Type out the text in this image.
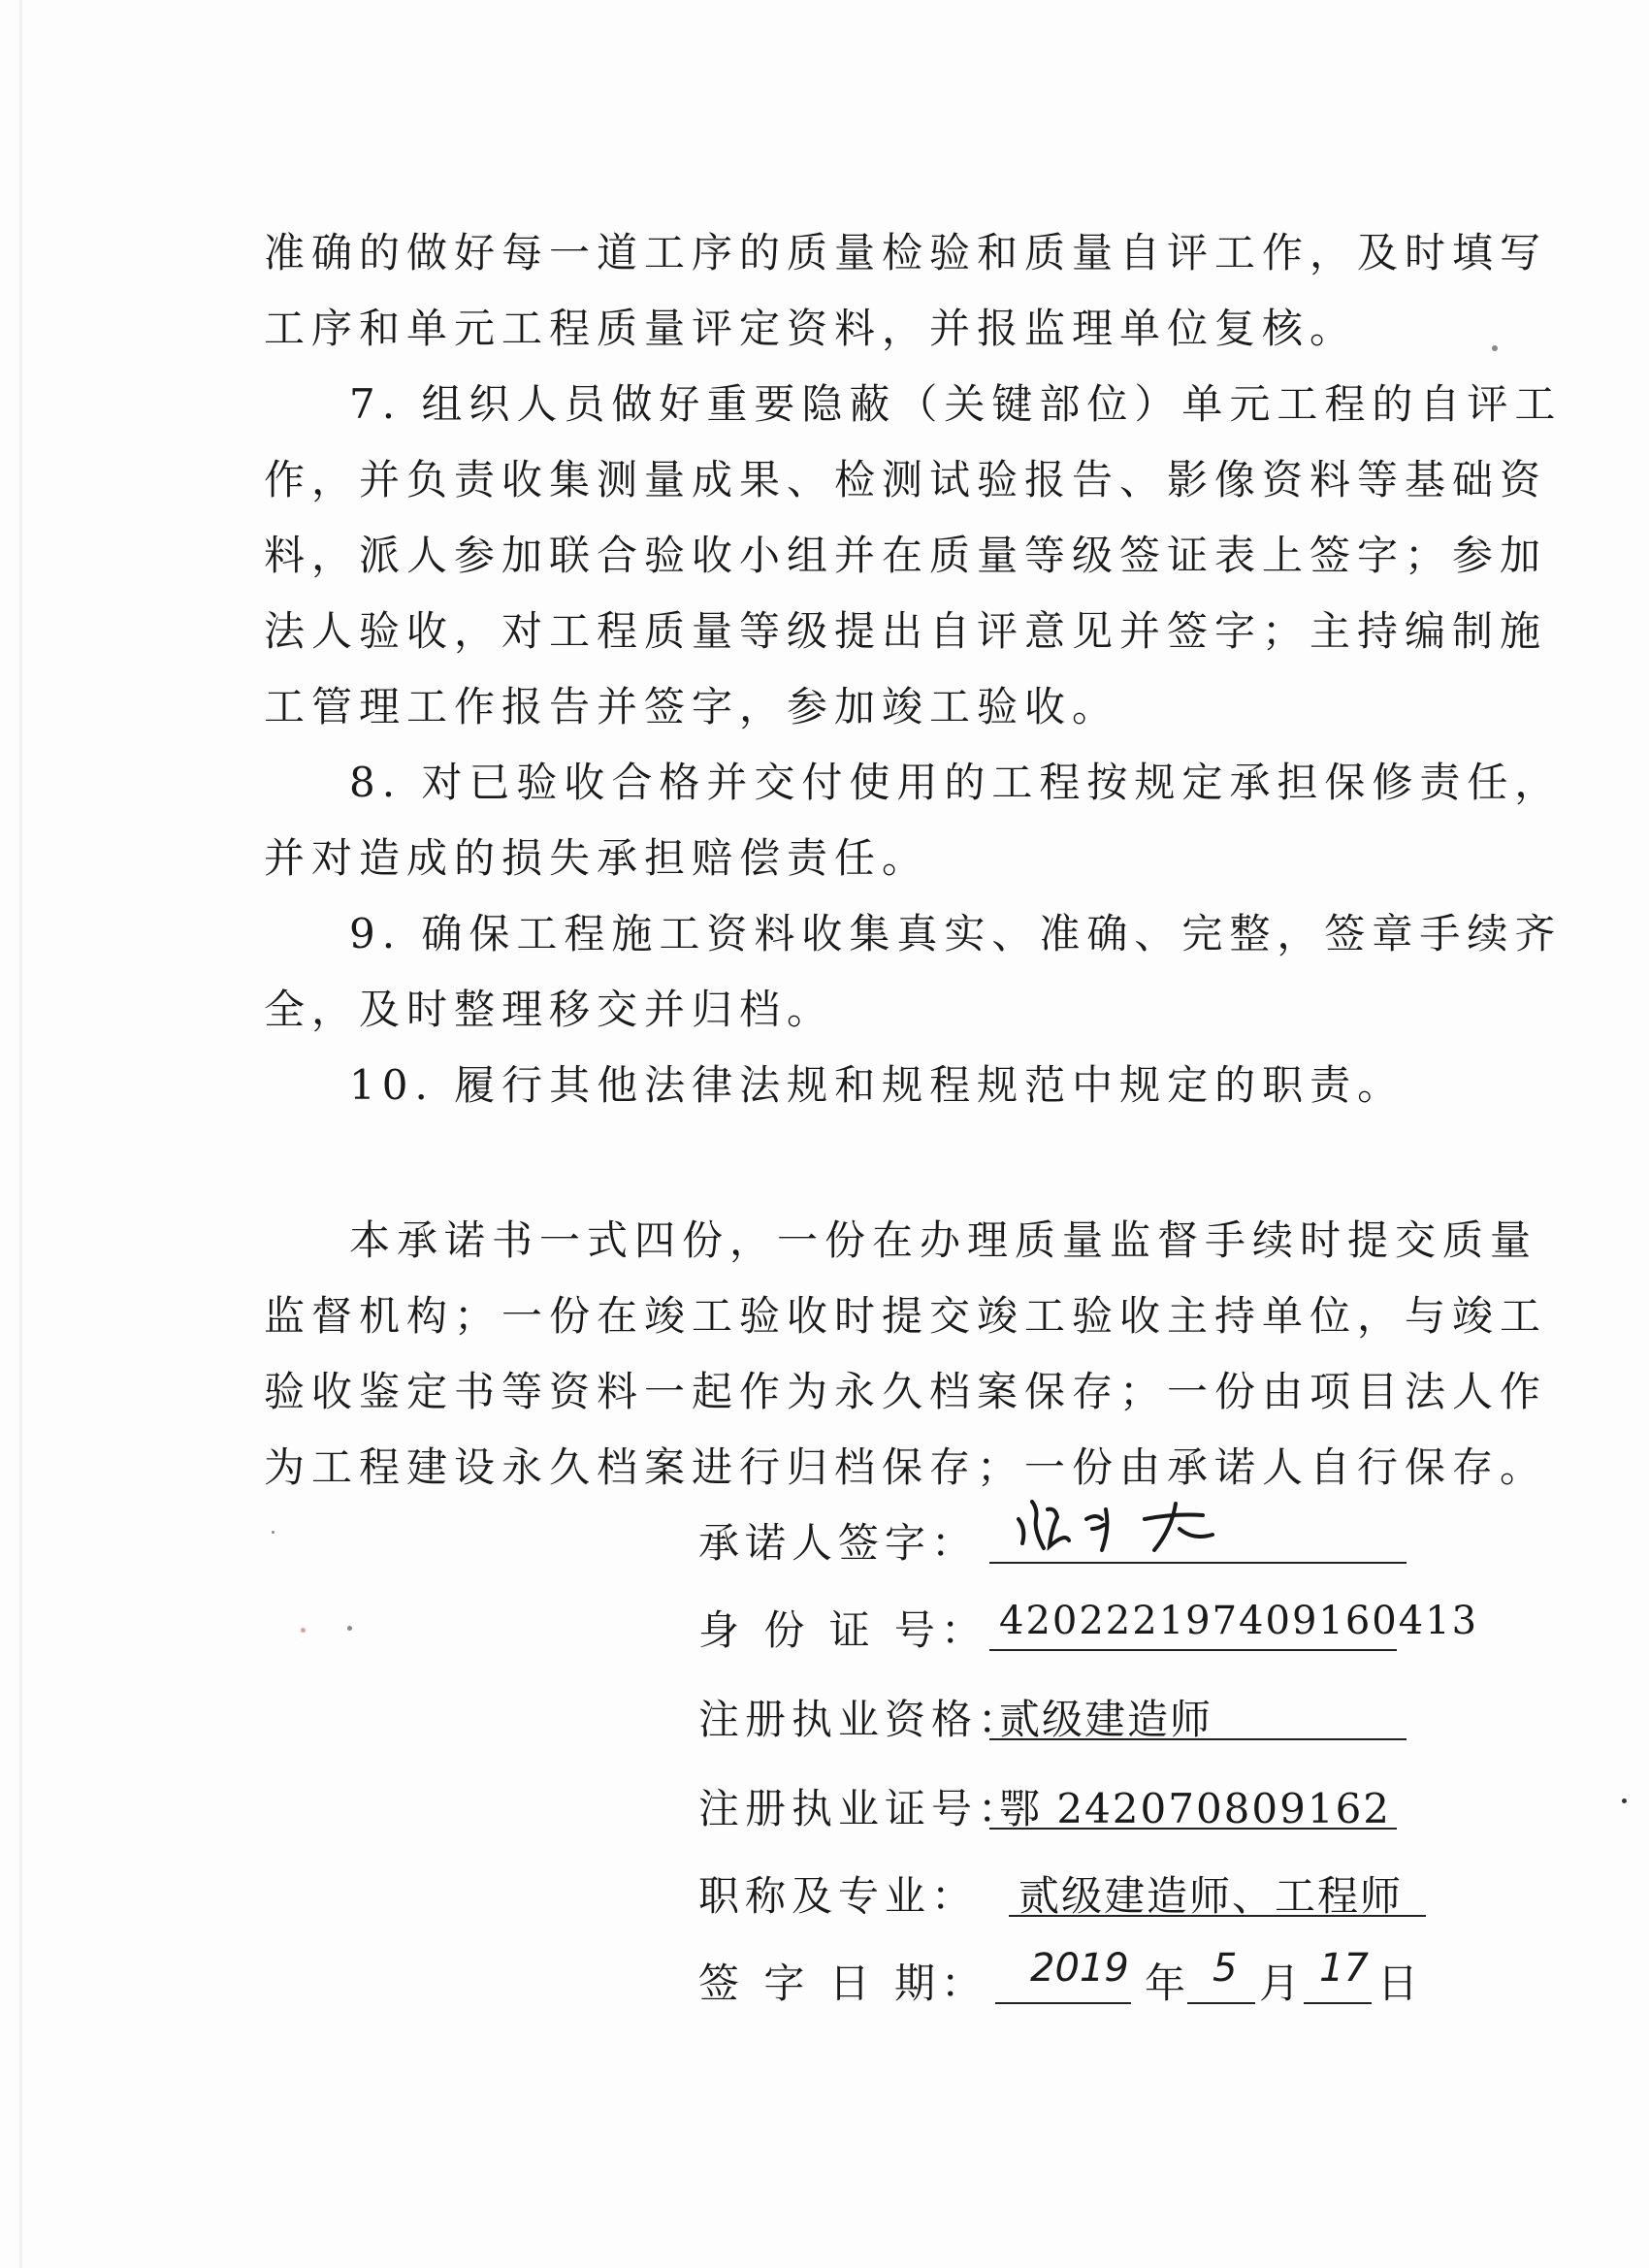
准确的做好每一道工序的质量检验和质量自评工作，及时填写
工序和单元工程质量评定资料，并报监理单位复核。
7. 组织人员做好重要隐蔽（关键部位）单元工程的自评工
作，并负责收集测量成果、检测试验报告、影像资料等基础资
料，派人参加联合验收小组并在质量等级签证表上签字；参加
法人验收，对工程质量等级提出自评意见并签字；主持编制施
工管理工作报告并签字，参加竣工验收。
8. 对已验收合格并交付使用的工程按规定承担保修责任，
并对造成的损失承担赔偿责任。
9. 确保工程施工资料收集真实、准确、完整，签章手续齐
全，及时整理移交并归档。
10. 履行其他法律法规和规程规范中规定的职责。
本承诺书一式四份，一份在办理质量监督手续时提交质量
监督机构；一份在竣工验收时提交竣工验收主持单位，与竣工
验收鉴定书等资料一起作为永久档案保存；一份由项目法人作
为工程建设永久档案进行归档保存；一份由承诺人自行保存。
承诺人签字：
身 份 证 号： 420222197409160413
注册执业资格：
贰级建造师
注册执业证号：
鄂 242070809162
职称及专业： 贰级建造师、工程师
签 字 日 期： 2019 年 5 月 17 日
